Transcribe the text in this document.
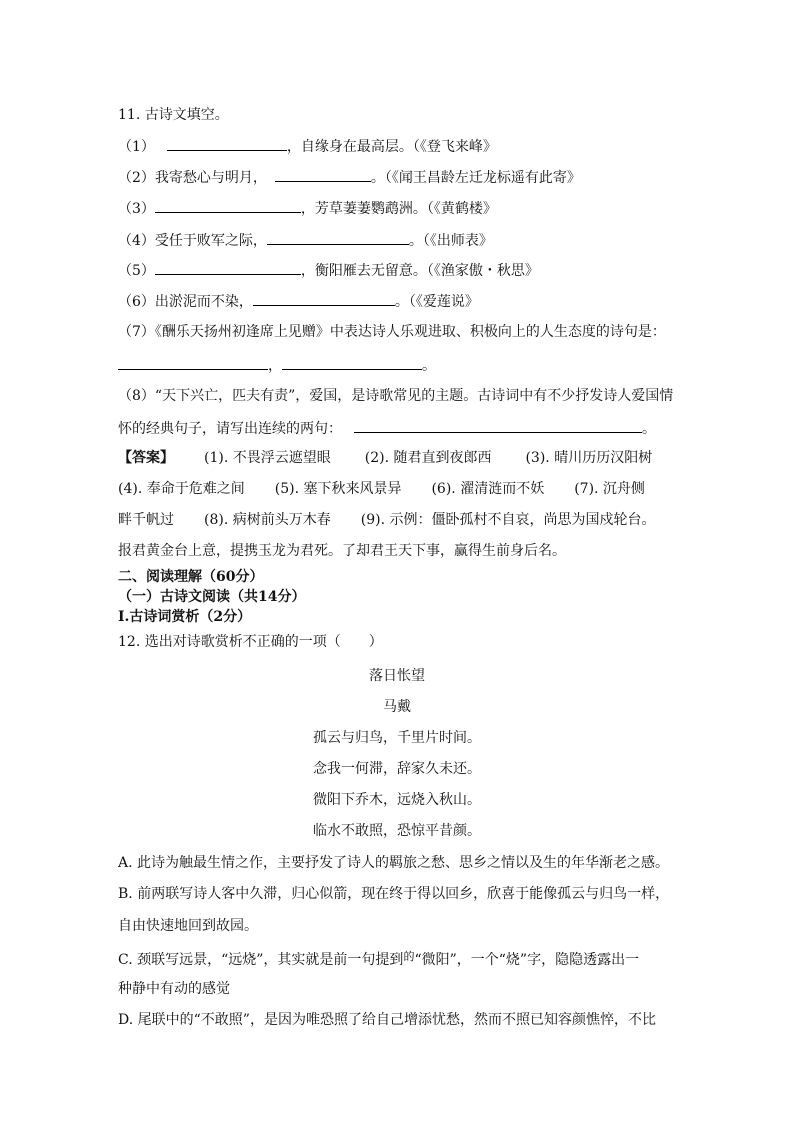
11. 古诗文填空。
（1）	，自缘身在最高层。（《登飞来峰》
（2）我寄愁心与明月，	。（《闻王昌龄左迁龙标遥有此寄》
（3）	，芳草萋萋鹦鹉洲。（《黄鹤楼》
（4）受任于败军之际，	。（《出师表》
（5）	，衡阳雁去无留意。（《渔家傲・秋思》
（6）出淤泥而不染，	。（《爱莲说》
（7）《酬乐天扬州初逢席上见赠》中表达诗人乐观进取、积极向上的人生态度的诗句是：
，	。
（8）“天下兴亡，匹夫有责”，爱国，是诗歌常见的主题。古诗词中有不少抒发诗人爱国情
怀的经典句子，请写出连续的两句：	。
【答案】 (1). 不畏浮云遮望眼 (2). 随君直到夜郎西 (3). 晴川历历汉阳树
(4). 奉命于危难之间 (5). 塞下秋来风景异 (6). 濯清涟而不妖 (7). 沉舟侧
畔千帆过 (8). 病树前头万木春 (9). 示例：僵卧孤村不自哀，尚思为国戍轮台。
报君黄金台上意，提携玉龙为君死。了却君王天下事，赢得生前身后名。
二、阅读理解（60分）
（一）古诗文阅读（共14分）
I.古诗词赏析（2分）
12. 选出对诗歌赏析不正确的一项（　　）
落日怅望
马戴
孤云与归鸟，千里片时间。
念我一何滞，辞家久未还。
微阳下乔木，远烧入秋山。
临水不敢照，恐惊平昔颜。
A. 此诗为触最生情之作，主要抒发了诗人的羁旅之愁、思乡之情以及生的年华渐老之感。
B. 前两联写诗人客中久滞，归心似箭，现在终于得以回乡，欣喜于能像孤云与归鸟一样，
自由快速地回到故园。
C. 颈联写远景，“远烧”，其实就是前一句提到$^的$“微阳”，一个“烧”字，隐隐透露出一
种静中有动的感觉
D. 尾联中的“不敢照”，是因为唯恐照了给自己增添忧愁，然而不照已知容颜憔悴，不比
